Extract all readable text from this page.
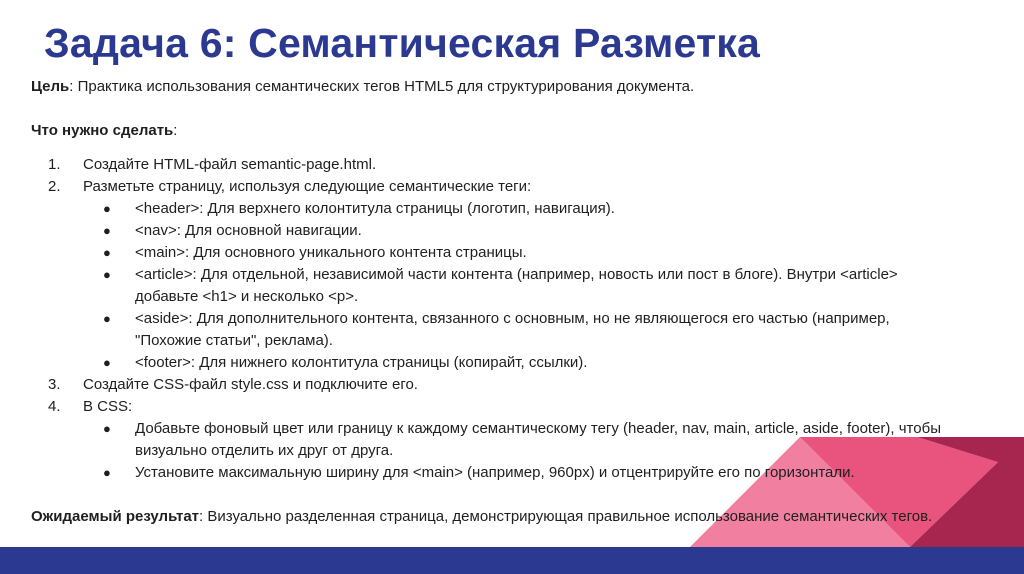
Задача 6: Семантическая Разметка

Цель: Практика использования семантических тегов HTML5 для структурирования документа.

Что нужно сделать:

1. Создайте HTML-файл semantic-page.html.
2. Разметьте страницу, используя следующие семантические теги:
● <header>: Для верхнего колонтитула страницы (логотип, навигация).
● <nav>: Для основной навигации.
● <main>: Для основного уникального контента страницы.
● <article>: Для отдельной, независимой части контента (например, новость или пост в блоге). Внутри <article> добавьте <h1> и несколько <p>.
● <aside>: Для дополнительного контента, связанного с основным, но не являющегося его частью (например, "Похожие статьи", реклама).
● <footer>: Для нижнего колонтитула страницы (копирайт, ссылки).
3. Создайте CSS-файл style.css и подключите его.
4. В CSS:
● Добавьте фоновый цвет или границу к каждому семантическому тегу (header, nav, main, article, aside, footer), чтобы визуально отделить их друг от друга.
● Установите максимальную ширину для <main> (например, 960px) и отцентрируйте его по горизонтали.

Ожидаемый результат: Визуально разделенная страница, демонстрирующая правильное использование семантических тегов.
